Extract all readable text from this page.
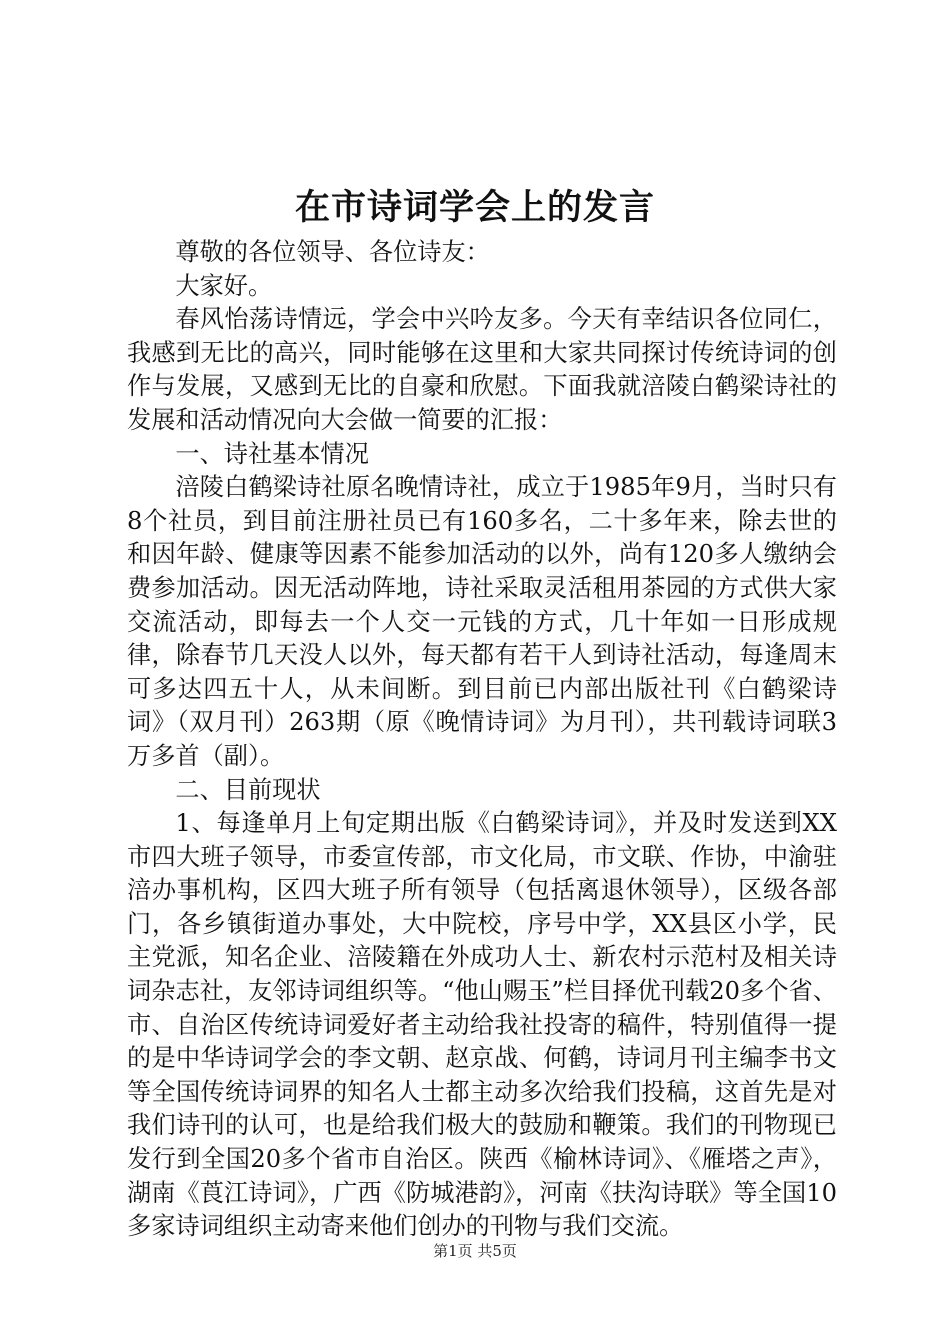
在市诗词学会上的发言

尊敬的各位领导、各位诗友：

大家好。

春风怡荡诗情远，学会中兴吟友多。今天有幸结识各位同仁，我感到无比的高兴，同时能够在这里和大家共同探讨传统诗词的创作与发展，又感到无比的自豪和欣慰。下面我就涪陵白鹤梁诗社的发展和活动情况向大会做一简要的汇报：

一、诗社基本情况

涪陵白鹤梁诗社原名晚情诗社，成立于1985年9月，当时只有8个社员，到目前注册社员已有160多名，二十多年来，除去世的和因年龄、健康等因素不能参加活动的以外，尚有120多人缴纳会费参加活动。因无活动阵地，诗社采取灵活租用茶园的方式供大家交流活动，即每去一个人交一元钱的方式，几十年如一日形成规律，除春节几天没人以外，每天都有若干人到诗社活动，每逢周末可多达四五十人，从未间断。到目前已内部出版社刊《白鹤梁诗词》（双月刊）263期（原《晚情诗词》为月刊），共刊载诗词联3万多首（副）。

二、目前现状

1、每逢单月上旬定期出版《白鹤梁诗词》，并及时发送到XX市四大班子领导，市委宣传部，市文化局，市文联、作协，中渝驻涪办事机构，区四大班子所有领导（包括离退休领导），区级各部门，各乡镇街道办事处，大中院校，序号中学，XX县区小学，民主党派，知名企业、涪陵籍在外成功人士、新农村示范村及相关诗词杂志社，友邻诗词组织等。“他山赐玉”栏目择优刊载20多个省、市、自治区传统诗词爱好者主动给我社投寄的稿件，特别值得一提的是中华诗词学会的李文朝、赵京战、何鹤，诗词月刊主编李书文等全国传统诗词界的知名人士都主动多次给我们投稿，这首先是对我们诗刊的认可，也是给我们极大的鼓励和鞭策。我们的刊物现已发行到全国20多个省市自治区。陕西《榆林诗词》、《雁塔之声》，湖南《莨江诗词》，广西《防城港韵》，河南《扶沟诗联》等全国10多家诗词组织主动寄来他们创办的刊物与我们交流。

第1页 共5页
